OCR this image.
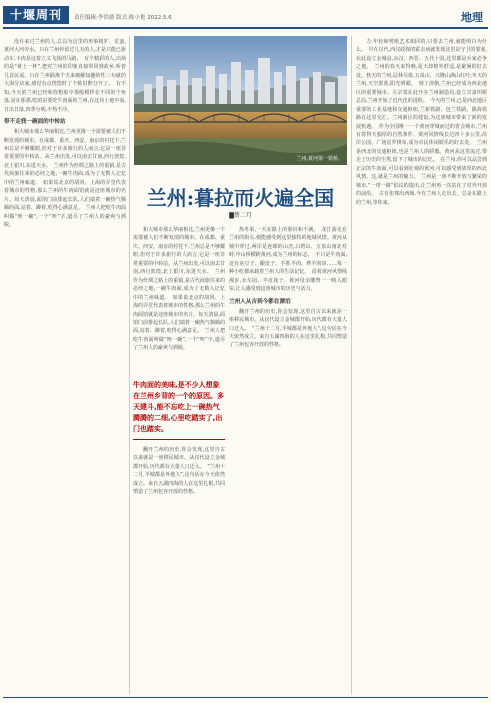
十堰周刊	责任编辑:李洪德 版式:陈小艳 2022.5.6	地理

没有来过兰州的人,总以为这里的形象粗犷、荒蛮,黄河大河旁水。只在兰州停留过几天的人,才是只能已驱动车,卡肉是这着立义飞扬的马路。　有个精彩的人,出场的是“黄土一杯”,把对兰州的印象直接带回到故乡,听着几首民谣。只在兰州隔离个夫来破解知趣的性三句就的大海分店家,感觉有点恍惚时了个陈旧默分开了。　有不知,今天的兰州已经和你想象中那般模样在不同的个角落,是在那那,吃的是要吃牛肉面的兰州,在这块土地中面,日出日落,四季分明,不热不冷。

带不走我一碗面的中转站

和大城市那么华丽相比,兰州更像一个需要被人们不断发现的城市。在成都、重庆、西安、南京的衬托下,兰州总是不够耀眼,但对于许多旅行的人而言,它是一座非常重要的中转站。从兰州出发,可以南去甘南,西行敦煌,北上银川,东进天水。　兰州作为丝绸之路上的重镇,是古代商旅往来的必经之地,一碗牛肉面,成为了无数人记忆中的兰州味道。　如果说北京的胡同、上海的弄堂代表着城市的性格,那么兰州的牛肉面馆就是这座城市的名片。每天清晨,面馆门前排起长队,人们端着一碗热气腾腾的面,站着、蹲着,吃得心满意足。　兰州人把吃牛肉面叫做“咥一碗”,一个“咥”字,道尽了兰州人的豪爽与洒脱。

兰州,黄河第一铁桥。
兰州:暮拉而火遍全国
▇蔡二月

热冬果,一天在路上的那份和不满。　龙江游走在兰州的街头,便能感受到这里独特的地域风情。黄河从城中穿过,两岸是连绵的山峦,白塔山、五泉山南北对峙,中山桥横跨黄河,成为兰州的标志。　不只是牛肉面,还有灰豆子、酿皮子、手抓羊肉、烤羊肉串……每一种小吃都承载着兰州人的生活记忆。　沿着黄河风情线漫步,水车园、羊皮筏子、黄河母亲雕塑一一映入眼帘,让人感受到这座城市的历史与活力。

兰州人从吉到今都在漂泊

翻开兰州的历史,你会发现,这里自古以来就是一座移民城市。从汉代设立金城郡开始,历代都有大量人口迁入。　“兰州十二月,半城都是外地人”,这句话在今天依然成立。来自五湖四海的人在这里扎根,共同塑造了兰州包容开放的性格。

和大城市那么华丽相比,兰州更像一个需要被人们不断发现的城市。在成都、重庆、西安、南京的衬托下,兰州总是不够耀眼,但对于许多旅行的人而言,它是一座非常重要的中转站。从兰州出发,可以南去甘南,西行敦煌,北上银川,东进天水。　兰州作为丝绸之路上的重镇,是古代商旅往来的必经之地,一碗牛肉面,成为了无数人记忆中的兰州味道。　如果说北京的胡同、上海的弄堂代表着城市的性格,那么兰州的牛肉面馆就是这座城市的名片。每天清晨,面馆门前排起长队,人们端着一碗热气腾腾的面,站着、蹲着,吃得心满意足。　兰州人把吃牛肉面叫做“咥一碗”,一个“咥”字,道尽了兰州人的豪爽与洒脱。

牛肉面的美味,是不少人想象在兰州乡背的一个的原因。多天建斗,能不忘吃上一碗热气腾腾的二细,心里吃踏实了,出门也踏实。

翻开兰州的历史,你会发现,这里自古以来就是一座移民城市。从汉代设立金城郡开始,历代都有大量人口迁入。　“兰州十二月,半城都是外地人”,这句话在今天依然成立。来自五湖四海的人在这里扎根,共同塑造了兰州包容开放的性格。

力,年轮和剪纸艺术相同的,只要去兰州,就能明白为什么。　早在汉代,西汉政权的霍去病就发现这里是守卫的要塞,在此设立金城县,东汉、西晋、五代十国,这里都是兵家必争之地。　兰州的春天来得晚,夏天却格外舒适,是避暑的好去处。秋天的兰州,层林尽染,五泉山、兴隆山满山红叶;冬天的兰州,天空湛蓝,阳光明媚。　到了清朝,兰州已经成为西北地区的重要城市。左宗棠在此开办兰州制造局,设立甘肃织呢总局,兰州开始了近代化的进程。　今天的兰州,已是西北地区重要的工业基地和交通枢纽,兰新铁路、包兰铁路、陇海铁路在这里交汇。兰州新区的建设,为这座城市带来了新的发展机遇。　作为全国唯一一个黄河穿城而过的省会城市,兰州有着得天独厚的自然条件。黄河风情线长达四十多公里,沿岸公园、广场星罗棋布,成为市民休闲娱乐的好去处。　兰州是西北的交通枢纽,也是兰州人的骄傲。黄河从这里流过,带走了历史的尘埃,留下了城市的记忆。　在兰州,你可以品尝到正宗的牛肉面,可以看到壮观的黄河,可以感受到浓厚的西北风情。这,就是兰州的魅力。　兰州是一座不断开放与繁荣的城市,“一带一路”倡议的提出,让兰州再一次站在了对外开放的前沿。　古有张骞出西域,今有兰州人走出去。总是在路上的兰州,等你来。
